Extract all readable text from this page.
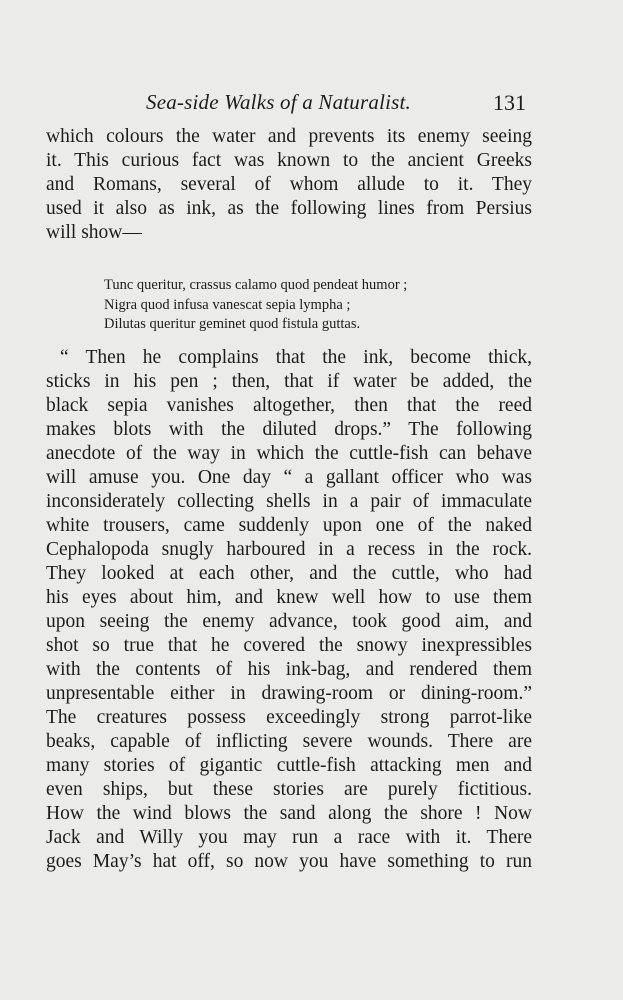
Sea-side Walks of a Naturalist.	131
which colours the water and prevents its enemy seeing
it. This curious fact was known to the ancient Greeks
and Romans, several of whom allude to it. They
used it also as ink, as the following lines from Persius
will show—
Tunc queritur, crassus calamo quod pendeat humor ;
Nigra quod infusa vanescat sepia lympha ;
Dilutas queritur geminet quod fistula guttas.
“ Then he complains that the ink, become thick,
sticks in his pen ; then, that if water be added, the
black sepia vanishes altogether, then that the reed
makes blots with the diluted drops.” The following
anecdote of the way in which the cuttle-fish can behave
will amuse you. One day “ a gallant officer who was
inconsiderately collecting shells in a pair of immaculate
white trousers, came suddenly upon one of the naked
Cephalopoda snugly harboured in a recess in the rock.
They looked at each other, and the cuttle, who had
his eyes about him, and knew well how to use them
upon seeing the enemy advance, took good aim, and
shot so true that he covered the snowy inexpressibles
with the contents of his ink-bag, and rendered them
unpresentable either in drawing-room or dining-room.”
The creatures possess exceedingly strong parrot-like
beaks, capable of inflicting severe wounds. There are
many stories of gigantic cuttle-fish attacking men and
even ships, but these stories are purely fictitious.
How the wind blows the sand along the shore ! Now
Jack and Willy you may run a race with it. There
goes May’s hat off, so now you have something to run
